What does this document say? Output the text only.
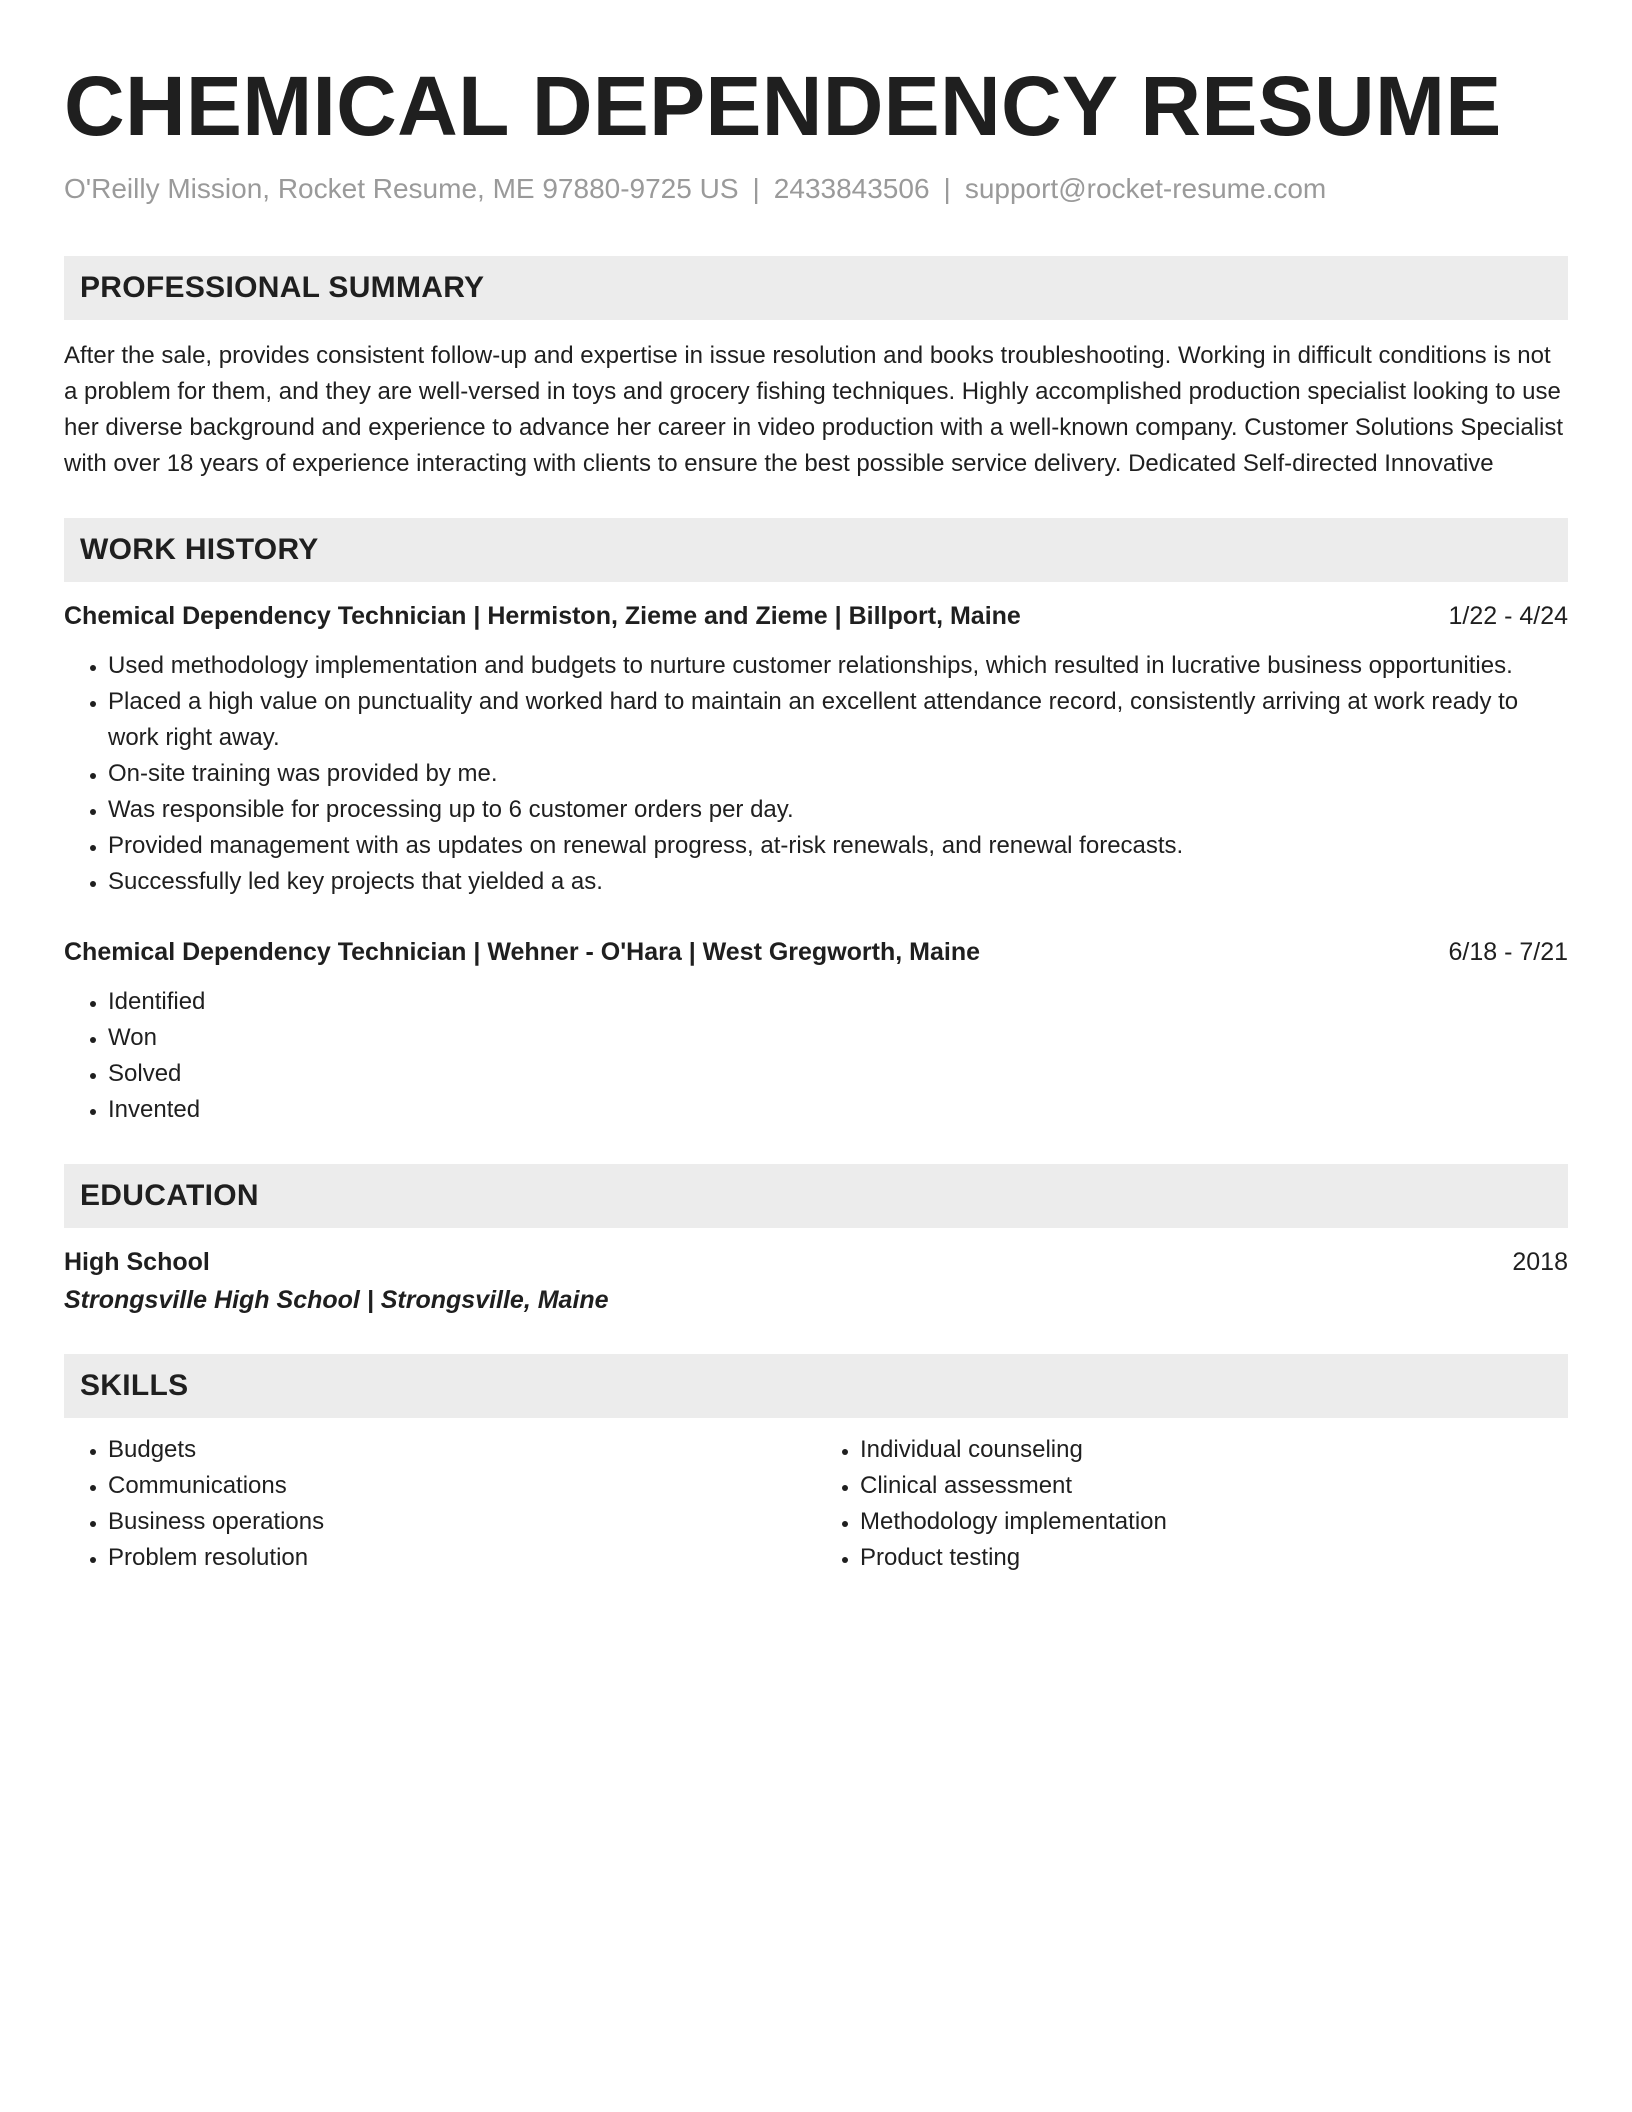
CHEMICAL DEPENDENCY RESUME
O'Reilly Mission, Rocket Resume, ME 97880-9725 US | 2433843506 | support@rocket-resume.com
PROFESSIONAL SUMMARY
After the sale, provides consistent follow-up and expertise in issue resolution and books troubleshooting. Working in difficult conditions is not a problem for them, and they are well-versed in toys and grocery fishing techniques. Highly accomplished production specialist looking to use her diverse background and experience to advance her career in video production with a well-known company. Customer Solutions Specialist with over 18 years of experience interacting with clients to ensure the best possible service delivery. Dedicated Self-directed Innovative
WORK HISTORY
Chemical Dependency Technician | Hermiston, Zieme and Zieme | Billport, Maine	1/22 - 4/24
• Used methodology implementation and budgets to nurture customer relationships, which resulted in lucrative business opportunities.
• Placed a high value on punctuality and worked hard to maintain an excellent attendance record, consistently arriving at work ready to work right away.
• On-site training was provided by me.
• Was responsible for processing up to 6 customer orders per day.
• Provided management with as updates on renewal progress, at-risk renewals, and renewal forecasts.
• Successfully led key projects that yielded a as.
Chemical Dependency Technician | Wehner - O'Hara | West Gregworth, Maine	6/18 - 7/21
• Identified
• Won
• Solved
• Invented
EDUCATION
High School	2018
Strongsville High School | Strongsville, Maine
SKILLS
• Budgets
• Communications
• Business operations
• Problem resolution
• Individual counseling
• Clinical assessment
• Methodology implementation
• Product testing
